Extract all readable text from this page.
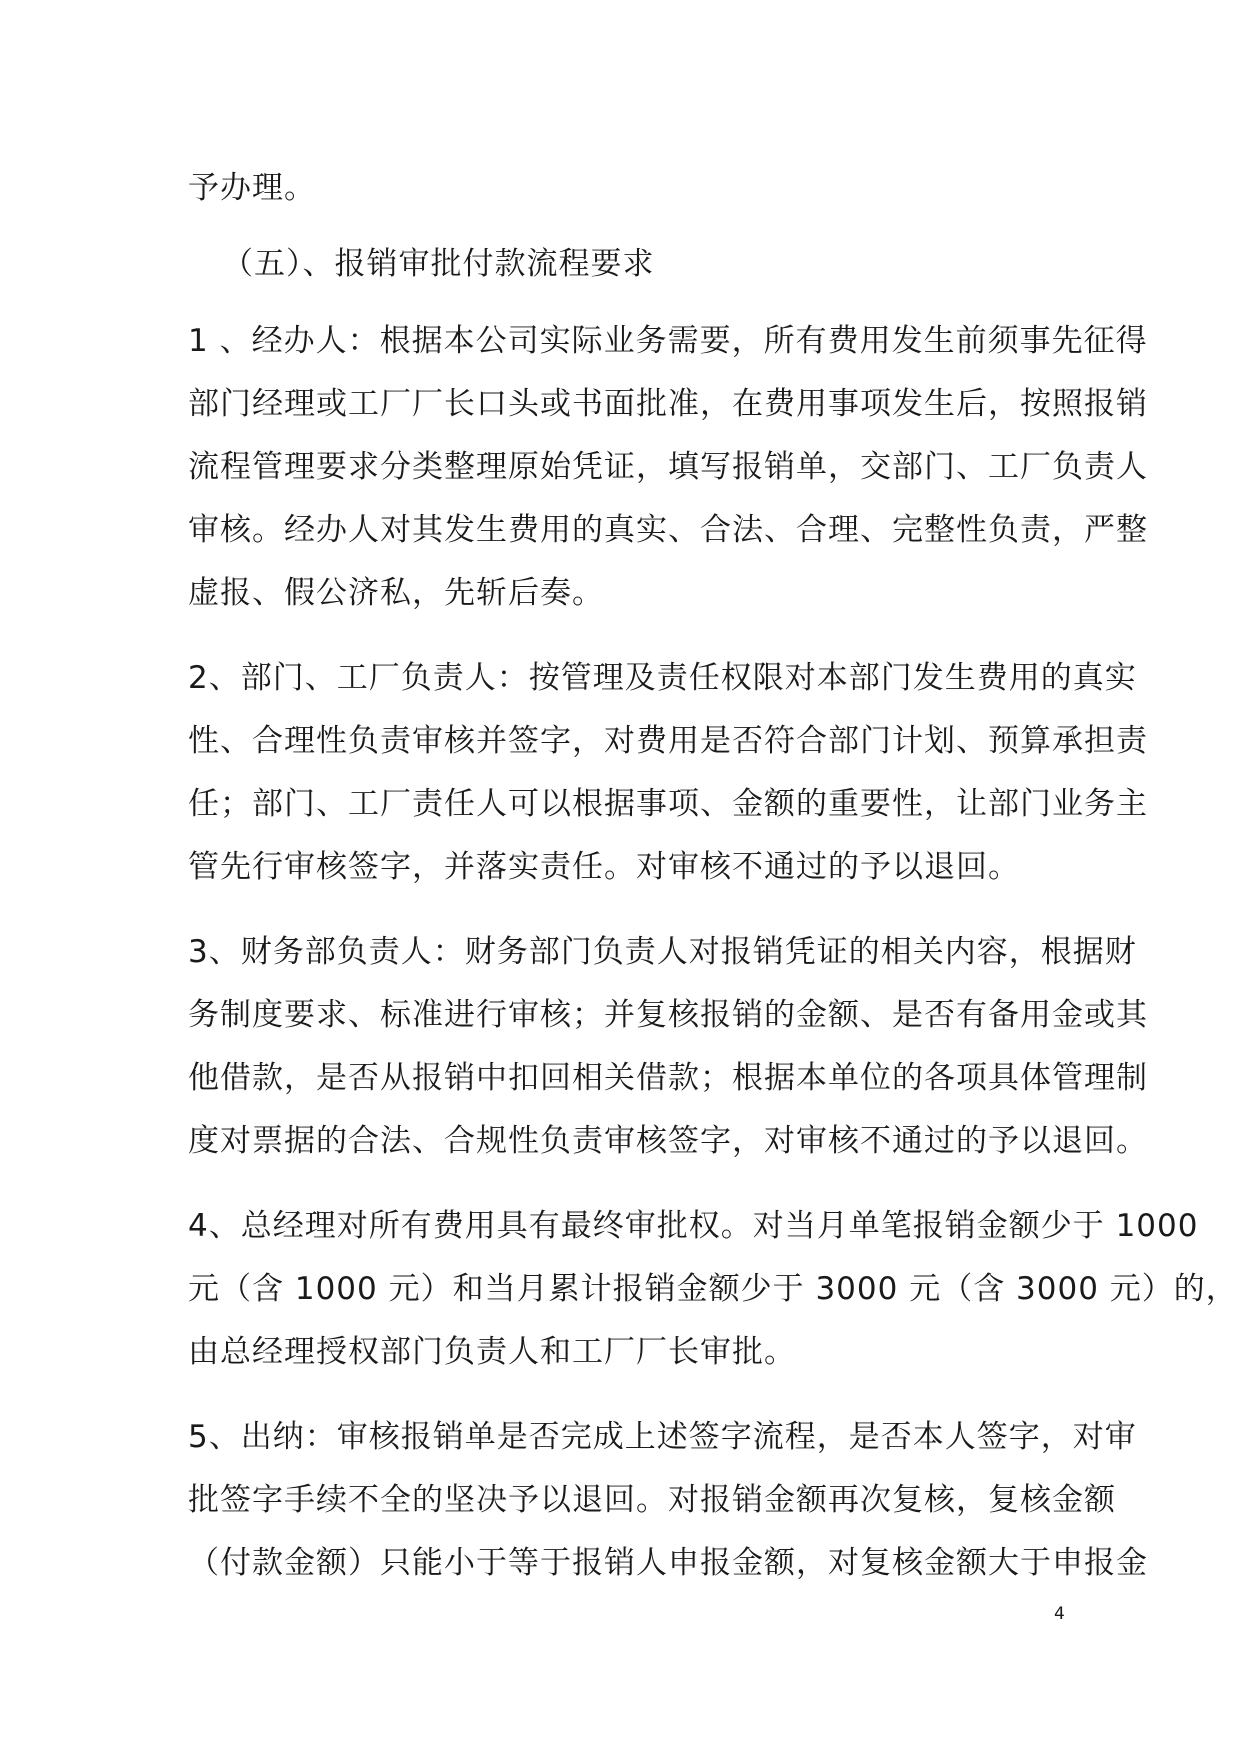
予办理。
（五）、报销审批付款流程要求
1 、经办人：根据本公司实际业务需要，所有费用发生前须事先征得
部门经理或工厂厂长口头或书面批准，在费用事项发生后，按照报销
流程管理要求分类整理原始凭证，填写报销单，交部门、工厂负责人
审核。经办人对其发生费用的真实、合法、合理、完整性负责，严整
虚报、假公济私，先斩后奏。
2、部门、工厂负责人：按管理及责任权限对本部门发生费用的真实
性、合理性负责审核并签字，对费用是否符合部门计划、预算承担责
任；部门、工厂责任人可以根据事项、金额的重要性，让部门业务主
管先行审核签字，并落实责任。对审核不通过的予以退回。
3、财务部负责人：财务部门负责人对报销凭证的相关内容，根据财
务制度要求、标准进行审核；并复核报销的金额、是否有备用金或其
他借款，是否从报销中扣回相关借款；根据本单位的各项具体管理制
度对票据的合法、合规性负责审核签字，对审核不通过的予以退回。
4、总经理对所有费用具有最终审批权。对当月单笔报销金额少于 1000
元（含 1000 元）和当月累计报销金额少于 3000 元（含 3000 元）的，
由总经理授权部门负责人和工厂厂长审批。
5、出纳：审核报销单是否完成上述签字流程，是否本人签字，对审
批签字手续不全的坚决予以退回。对报销金额再次复核，复核金额
（付款金额）只能小于等于报销人申报金额，对复核金额大于申报金
4
